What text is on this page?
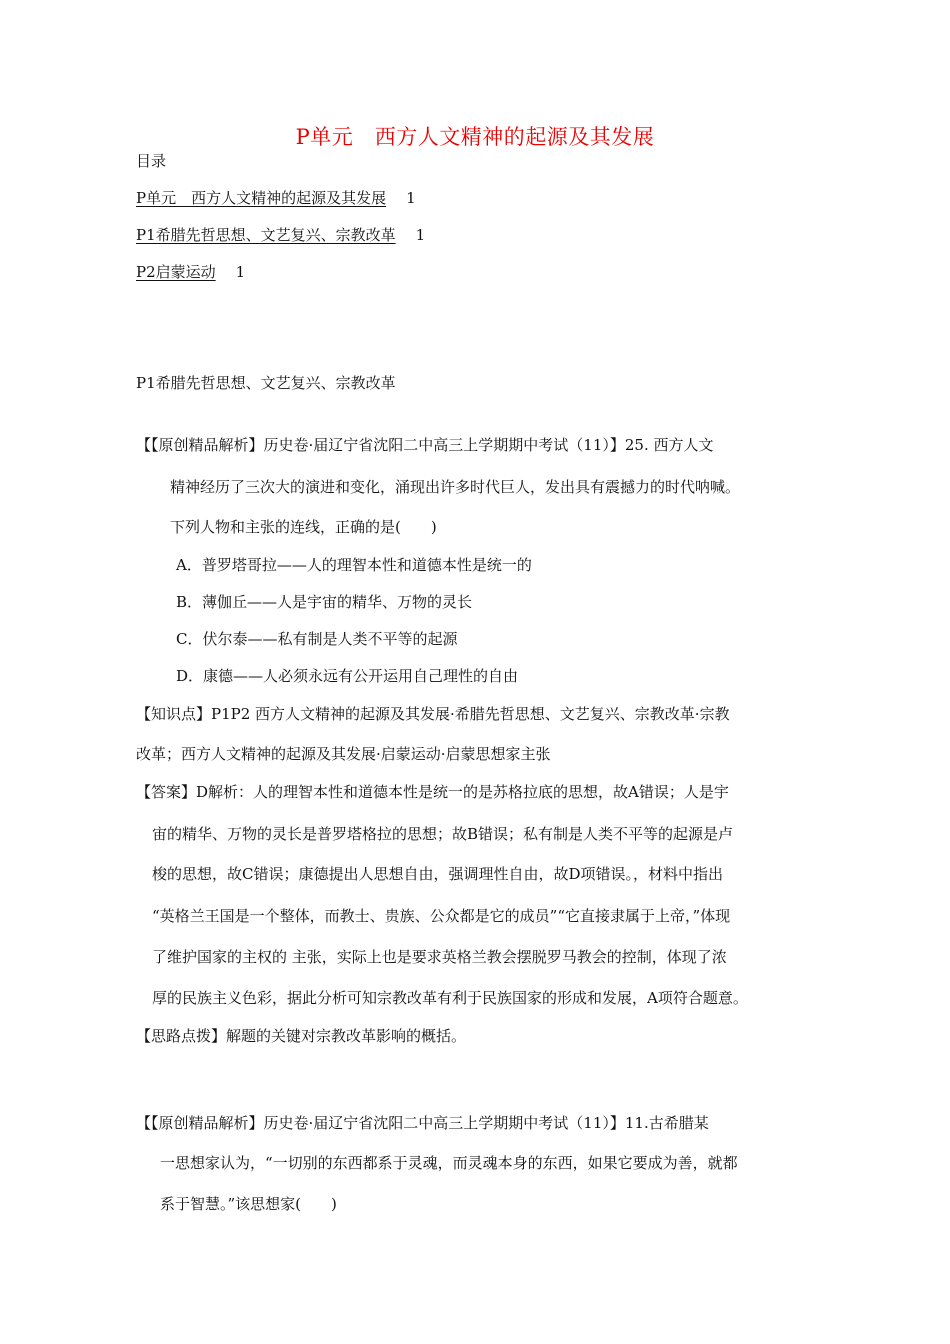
P单元　西方人文精神的起源及其发展
目录
P单元　西方人文精神的起源及其发展 1
P1希腊先哲思想、文艺复兴、宗教改革 1
P2启蒙运动 1
P1希腊先哲思想、文艺复兴、宗教改革
【【原创精品解析】历史卷·届辽宁省沈阳二中高三上学期期中考试（11）】25. 西方人文
精神经历了三次大的演进和变化，涌现出许多时代巨人，发出具有震撼力的时代呐喊。
下列人物和主张的连线，正确的是(　　)
A．普罗塔哥拉——人的理智本性和道德本性是统一的
B．薄伽丘——人是宇宙的精华、万物的灵长
C．伏尔泰——私有制是人类不平等的起源
D．康德——人必须永远有公开运用自己理性的自由
【知识点】P1P2 西方人文精神的起源及其发展·希腊先哲思想、文艺复兴、宗教改革·宗教
改革；西方人文精神的起源及其发展·启蒙运动·启蒙思想家主张
【答案】D解析：人的理智本性和道德本性是统一的是苏格拉底的思想，故A错误；人是宇
宙的精华、万物的灵长是普罗塔格拉的思想；故B错误；私有制是人类不平等的起源是卢
梭的思想，故C错误；康德提出人思想自由，强调理性自由，故D项错误。，材料中指出
“英格兰王国是一个整体，而教士、贵族、公众都是它的成员”“它直接隶属于上帝，”体现
了维护国家的主权的 主张，实际上也是要求英格兰教会摆脱罗马教会的控制，体现了浓
厚的民族主义色彩，据此分析可知宗教改革有利于民族国家的形成和发展，A项符合题意。
【思路点拨】解题的关键对宗教改革影响的概括。
【【原创精品解析】历史卷·届辽宁省沈阳二中高三上学期期中考试（11）】11.古希腊某
一思想家认为，“一切别的东西都系于灵魂，而灵魂本身的东西，如果它要成为善，就都
系于智慧。”该思想家(　　)
